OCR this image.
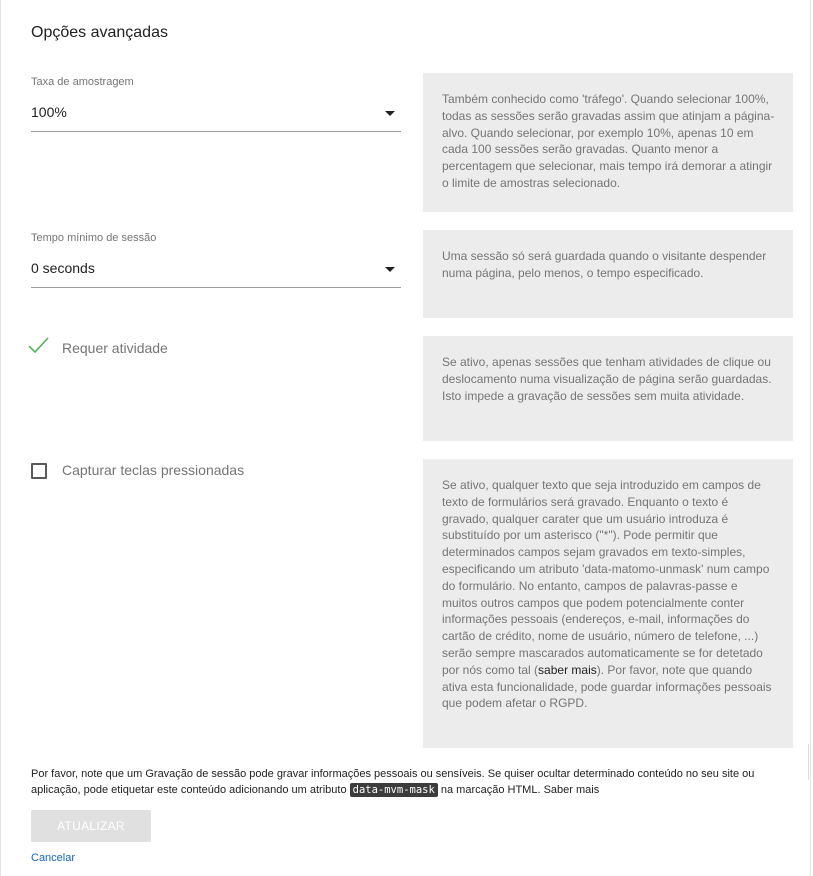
Opções avançadas
Taxa de amostragem
100%
Também conhecido como 'tráfego'. Quando selecionar 100%, todas as sessões serão gravadas assim que atinjam a página-alvo. Quando selecionar, por exemplo 10%, apenas 10 em cada 100 sessões serão gravadas. Quanto menor a percentagem que selecionar, mais tempo irá demorar a atingir o limite de amostras selecionado.
Tempo mínimo de sessão
0 seconds
Uma sessão só será guardada quando o visitante despender numa página, pelo menos, o tempo especificado.
Requer atividade
Se ativo, apenas sessões que tenham atividades de clique ou deslocamento numa visualização de página serão guardadas. Isto impede a gravação de sessões sem muita atividade.
Capturar teclas pressionadas
Se ativo, qualquer texto que seja introduzido em campos de texto de formulários será gravado. Enquanto o texto é gravado, qualquer carater que um usuário introduza é substituído por um asterisco ("*"). Pode permitir que determinados campos sejam gravados em texto-simples, especificando um atributo 'data-matomo-unmask' num campo do formulário. No entanto, campos de palavras-passe e muitos outros campos que podem potencialmente conter informações pessoais (endereços, e-mail, informações do cartão de crédito, nome de usuário, número de telefone, ...) serão sempre mascarados automaticamente se for detetado por nós como tal (saber mais). Por favor, note que quando ativa esta funcionalidade, pode guardar informações pessoais que podem afetar o RGPD.
Por favor, note que um Gravação de sessão pode gravar informações pessoais ou sensíveis. Se quiser ocultar determinado conteúdo no seu site ou aplicação, pode etiquetar este conteúdo adicionando um atributo data-mvm-mask na marcação HTML. Saber mais
ATUALIZAR
Cancelar
